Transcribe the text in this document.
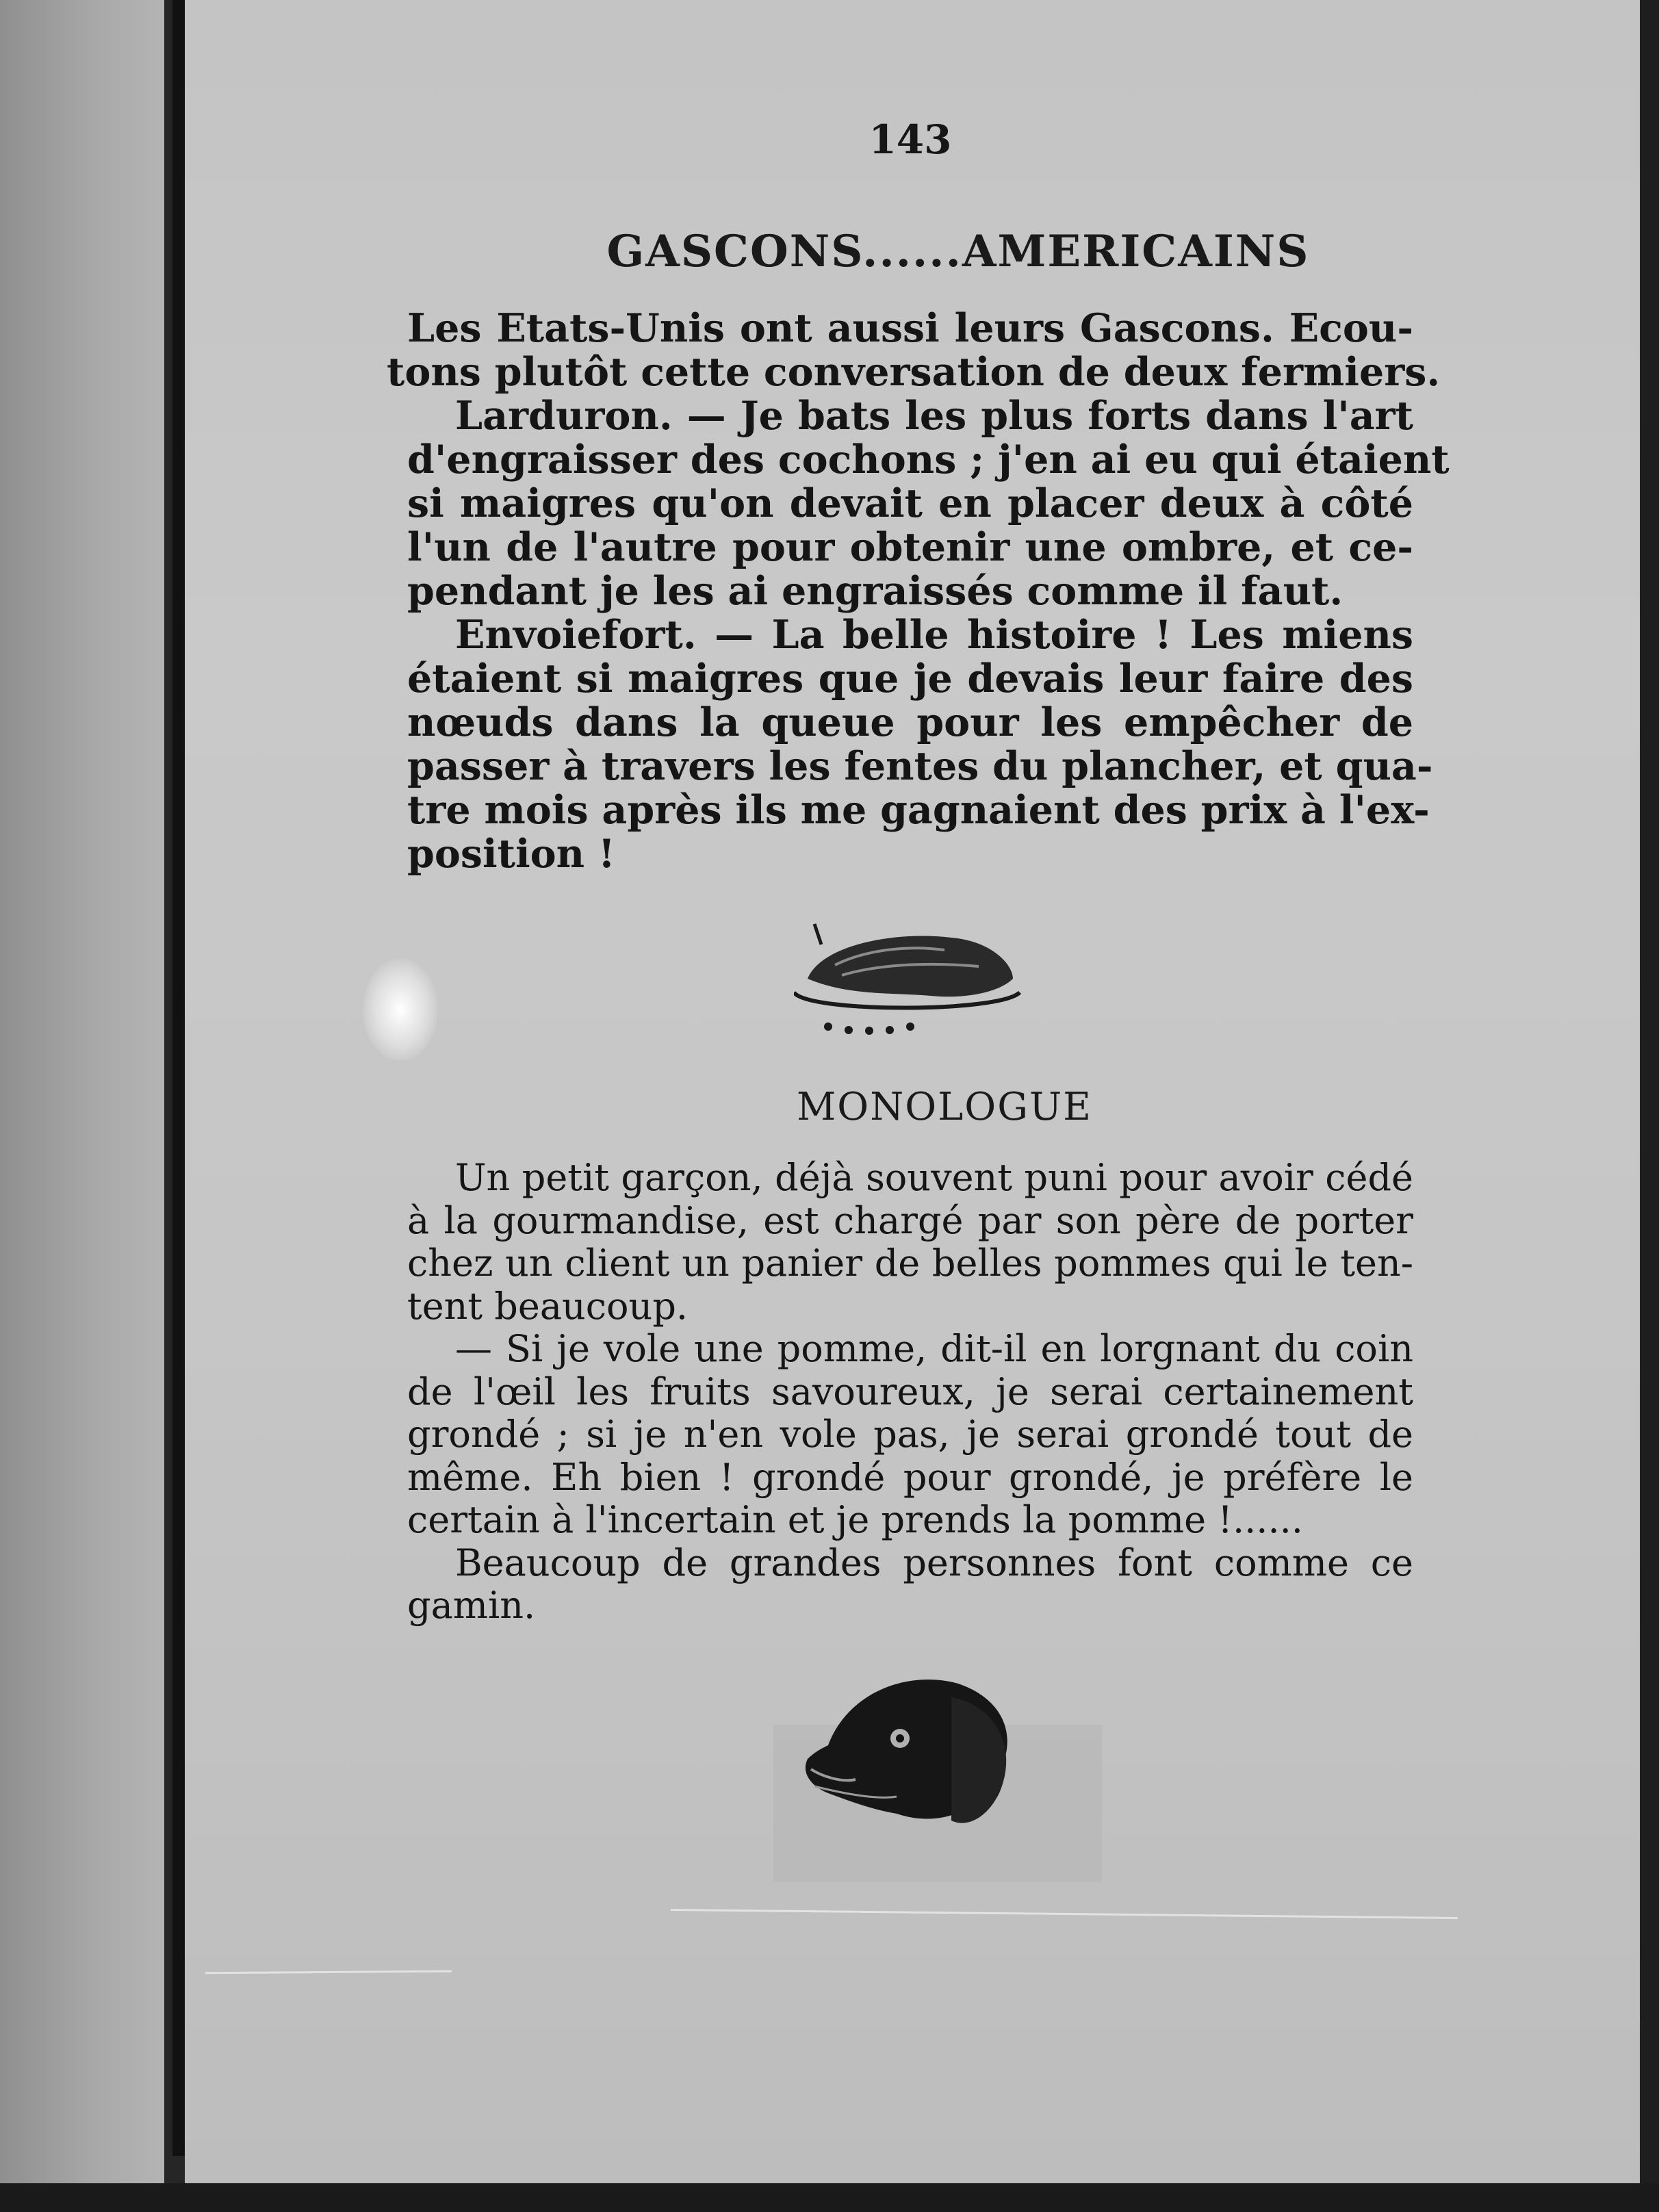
143
GASCONS......AMERICAINS
Les Etats-Unis ont aussi leurs Gascons. Ecou-
tons plutôt cette conversation de deux fermiers.
Larduron. — Je bats les plus forts dans l'art
d'engraisser des cochons ; j'en ai eu qui étaient
si maigres qu'on devait en placer deux à côté
l'un de l'autre pour obtenir une ombre, et ce-
pendant je les ai engraissés comme il faut.
Envoiefort. — La belle histoire ! Les miens
étaient si maigres que je devais leur faire des
nœuds dans la queue pour les empêcher de
passer à travers les fentes du plancher, et qua-
tre mois après ils me gagnaient des prix à l'ex-
position !
MONOLOGUE
Un petit garçon, déjà souvent puni pour avoir cédé
à la gourmandise, est chargé par son père de porter
chez un client un panier de belles pommes qui le ten-
tent beaucoup.
— Si je vole une pomme, dit-il en lorgnant du coin
de l'œil les fruits savoureux, je serai certainement
grondé ; si je n'en vole pas, je serai grondé tout de
même. Eh bien ! grondé pour grondé, je préfère le
certain à l'incertain et je prends la pomme !......
Beaucoup de grandes personnes font comme ce
gamin.
